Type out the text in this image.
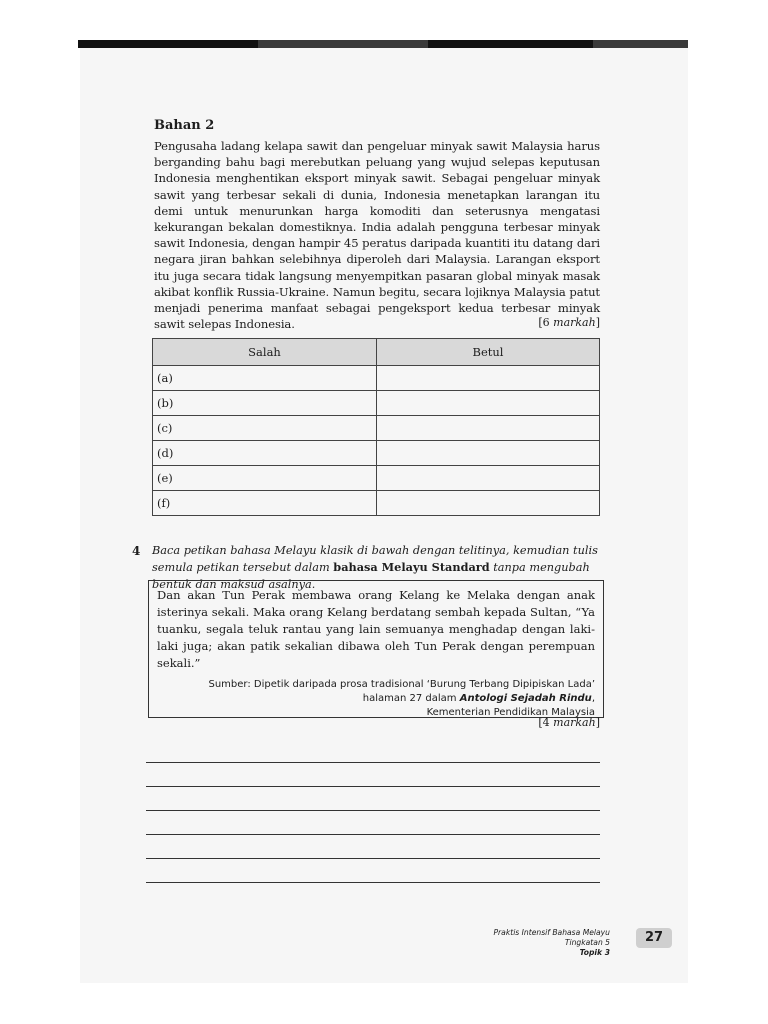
Bahan 2
Pengusaha ladang kelapa sawit dan pengeluar minyak sawit Malaysia harus berganding bahu bagi merebutkan peluang yang wujud selepas keputusan Indonesia menghentikan eksport minyak sawit. Sebagai pengeluar minyak sawit yang terbesar sekali di dunia, Indonesia menetapkan larangan itu demi untuk menurunkan harga komoditi dan seterusnya mengatasi kekurangan bekalan domestiknya. India adalah pengguna terbesar minyak sawit Indonesia, dengan hampir 45 peratus daripada kuantiti itu datang dari negara jiran bahkan selebihnya diperoleh dari Malaysia. Larangan eksport itu juga secara tidak langsung menyempitkan pasaran global minyak masak akibat konflik Russia-Ukraine. Namun begitu, secara lojiknya Malaysia patut menjadi penerima manfaat sebagai pengeksport kedua terbesar minyak sawit selepas Indonesia.	[6 markah]
Salah	Betul
(a)	
(b)	
(c)	
(d)	
(e)	
(f)	
4 Baca petikan bahasa Melayu klasik di bawah dengan telitinya, kemudian tulis semula petikan tersebut dalam bahasa Melayu Standard tanpa mengubah bentuk dan maksud asalnya.
Dan akan Tun Perak membawa orang Kelang ke Melaka dengan anak isterinya sekali. Maka orang Kelang berdatang sembah kepada Sultan, “Ya tuanku, segala teluk rantau yang lain semuanya menghadap dengan laki-laki juga; akan patik sekalian dibawa oleh Tun Perak dengan perempuan sekali.”
Sumber: Dipetik daripada prosa tradisional ‘Burung Terbang Dipipiskan Lada’
halaman 27 dalam Antologi Sejadah Rindu,
Kementerian Pendidikan Malaysia
[4 markah]
Praktis Intensif Bahasa Melayu Tingkatan 5
Topik 3
27
